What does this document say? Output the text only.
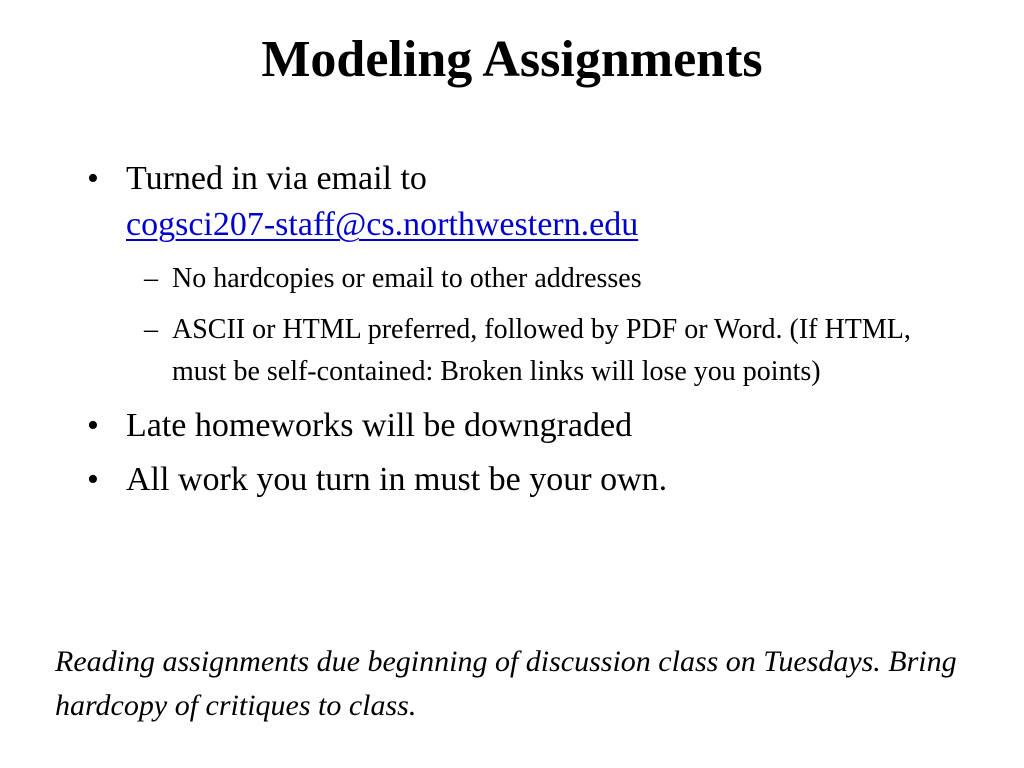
Modeling Assignments
• Turned in via email to
cogsci207-staff@cs.northwestern.edu
– No hardcopies or email to other addresses
– ASCII or HTML preferred, followed by PDF or Word. (If HTML, must be self-contained: Broken links will lose you points)
• Late homeworks will be downgraded
• All work you turn in must be your own.

Reading assignments due beginning of discussion class on Tuesdays. Bring hardcopy of critiques to class.
